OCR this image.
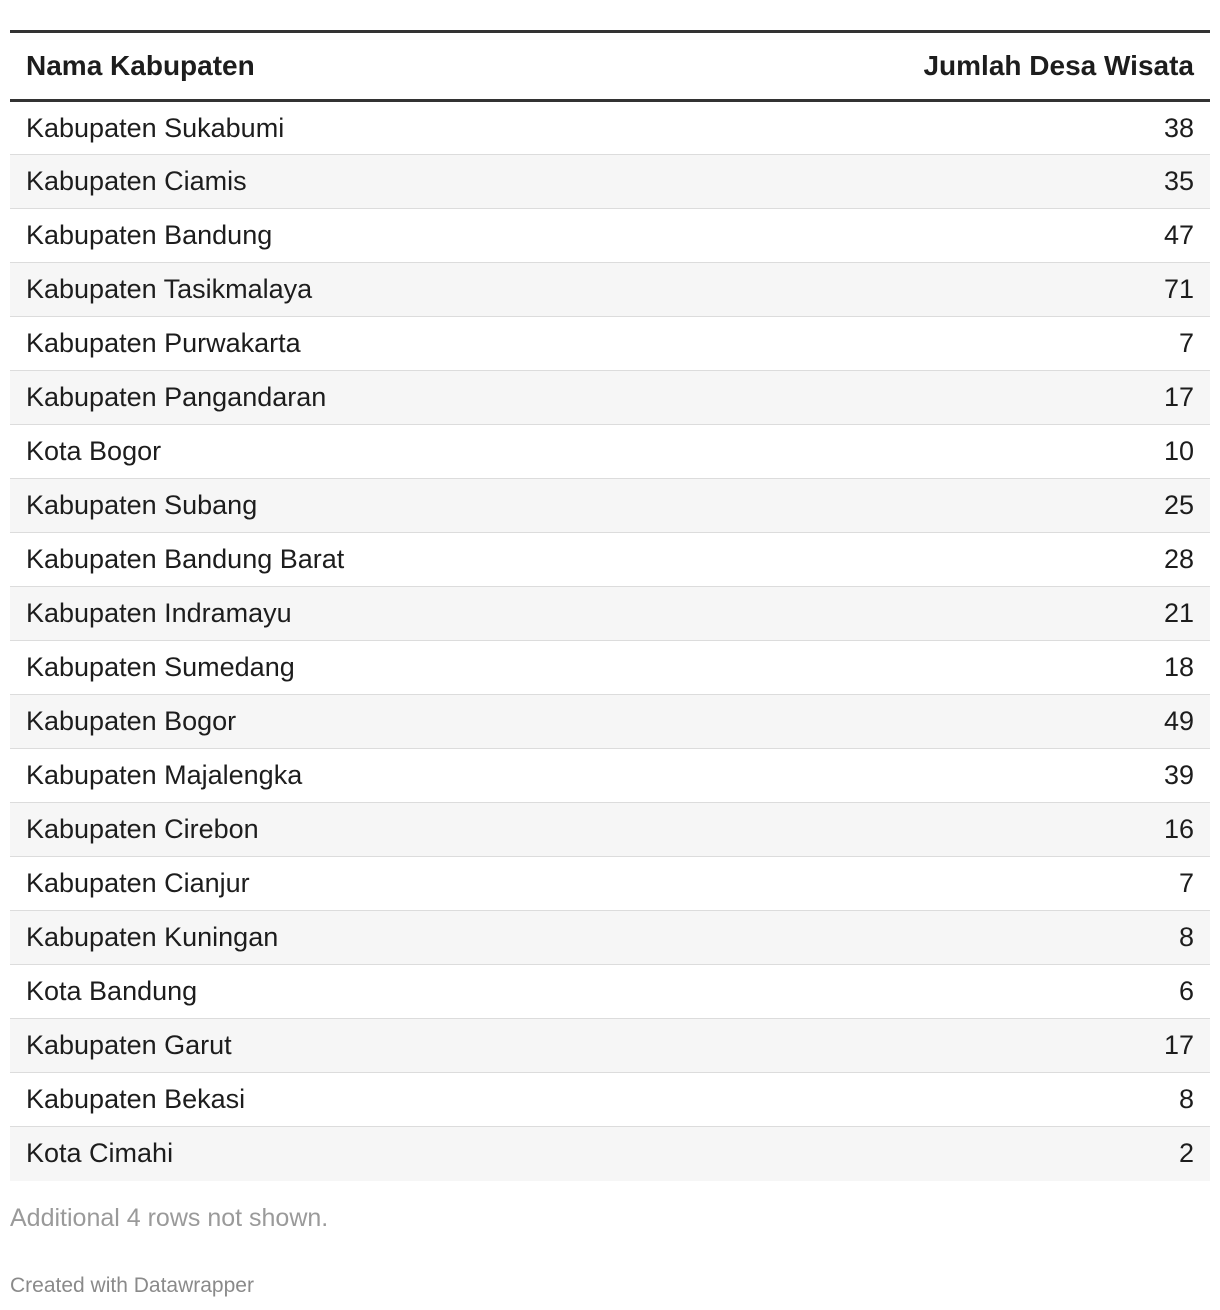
Nama Kabupaten	Jumlah Desa Wisata
Kabupaten Sukabumi	38
Kabupaten Ciamis	35
Kabupaten Bandung	47
Kabupaten Tasikmalaya	71
Kabupaten Purwakarta	7
Kabupaten Pangandaran	17
Kota Bogor	10
Kabupaten Subang	25
Kabupaten Bandung Barat	28
Kabupaten Indramayu	21
Kabupaten Sumedang	18
Kabupaten Bogor	49
Kabupaten Majalengka	39
Kabupaten Cirebon	16
Kabupaten Cianjur	7
Kabupaten Kuningan	8
Kota Bandung	6
Kabupaten Garut	17
Kabupaten Bekasi	8
Kota Cimahi	2
Additional 4 rows not shown.
Created with Datawrapper
